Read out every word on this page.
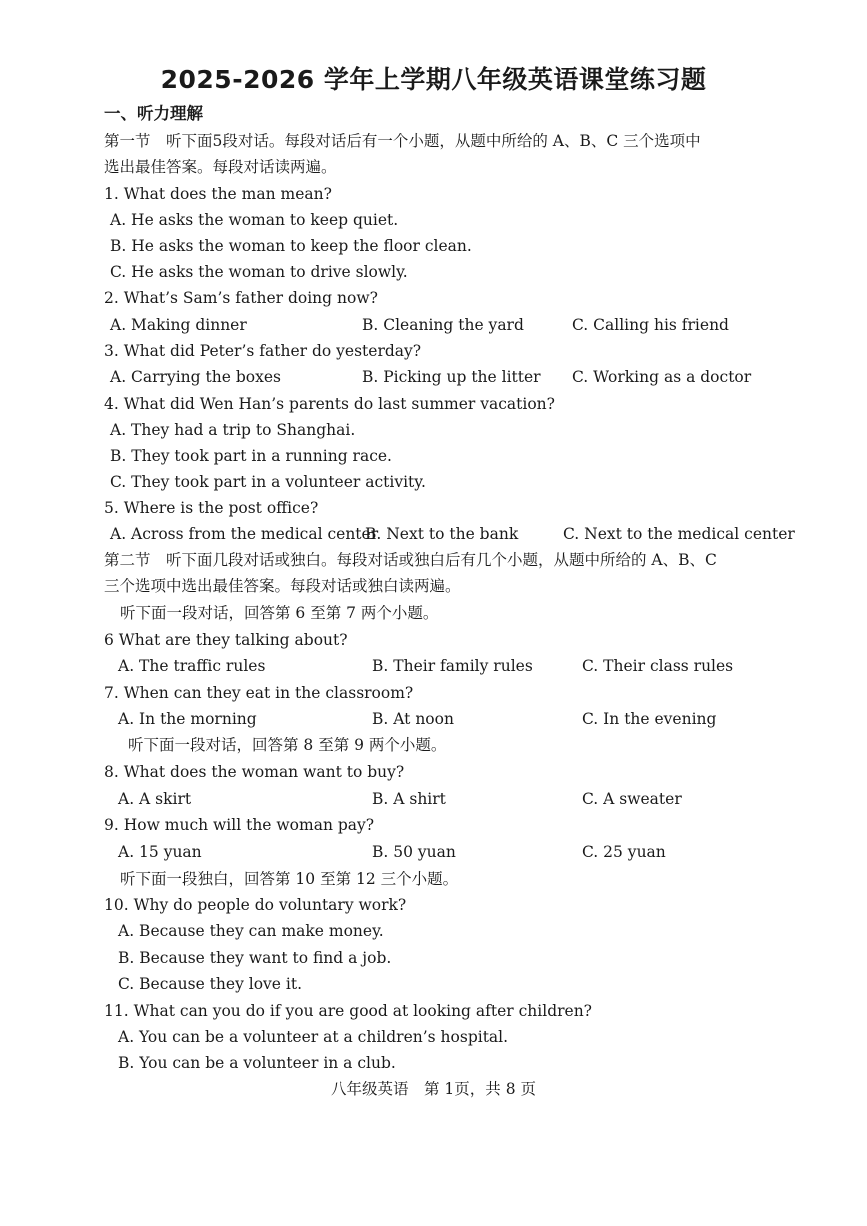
2025-2026 学年上学期八年级英语课堂练习题
一、听力理解
第一节　听下面5段对话。每段对话后有一个小题，从题中所给的 A、B、C 三个选项中
选出最佳答案。每段对话读两遍。
1. What does the man mean?
A. He asks the woman to keep quiet.
B. He asks the woman to keep the floor clean.
C. He asks the woman to drive slowly.
2. What’s Sam’s father doing now?
A. Making dinner	B. Cleaning the yard	C. Calling his friend
3. What did Peter’s father do yesterday?
A. Carrying the boxes	B. Picking up the litter C. Working as a doctor
4. What did Wen Han’s parents do last summer vacation?
A. They had a trip to Shanghai.
B. They took part in a running race.
C. They took part in a volunteer activity.
5. Where is the post office?
A. Across from the medical center
B. Next to the bank	C. Next to the medical center
第二节　听下面几段对话或独白。每段对话或独白后有几个小题，从题中所给的 A、B、C
三个选项中选出最佳答案。每段对话或独白读两遍。
听下面一段对话，回答第 6 至第 7 两个小题。
6 What are they talking about?
A. The traffic rules	B. Their family rules	C. Their class rules
7. When can they eat in the classroom?
A. In the morning	B. At noon	C. In the evening
听下面一段对话，回答第 8 至第 9 两个小题。
8. What does the woman want to buy?
A. A skirt	B. A shirt	C. A sweater
9. How much will the woman pay?
A. 15 yuan	B. 50 yuan	C. 25 yuan
听下面一段独白，回答第 10 至第 12 三个小题。
10. Why do people do voluntary work?
A. Because they can make money.
B. Because they want to find a job.
C. Because they love it.
11. What can you do if you are good at looking after children?
A. You can be a volunteer at a children’s hospital.
B. You can be a volunteer in a club.
八年级英语　第 1页，共 8 页
